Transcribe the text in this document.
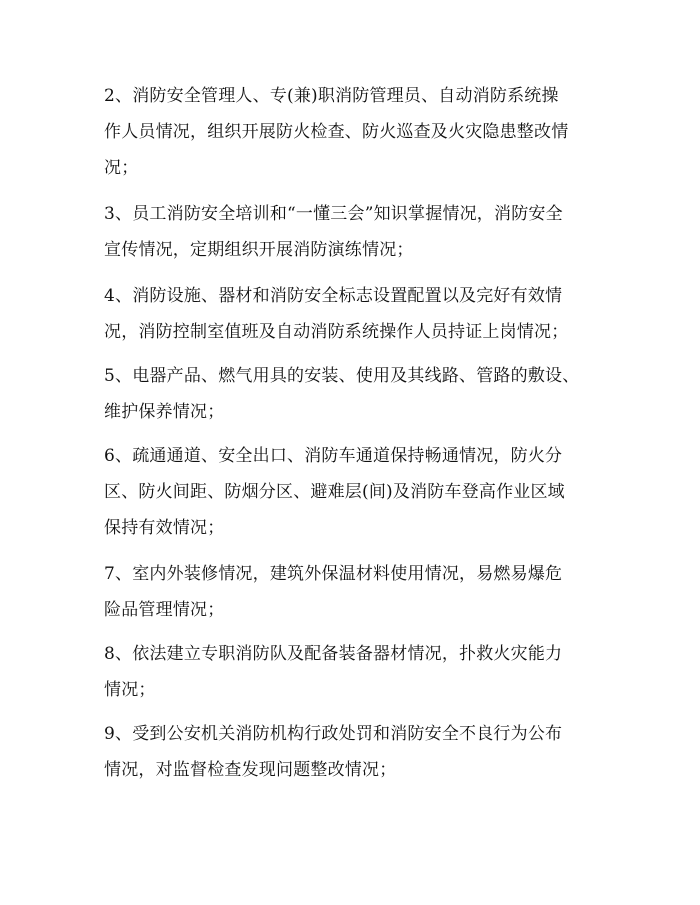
2、消防安全管理人、专(兼)职消防管理员、自动消防系统操
作人员情况，组织开展防火检查、防火巡查及火灾隐患整改情
况；
3、员工消防安全培训和“一懂三会”知识掌握情况，消防安全
宣传情况，定期组织开展消防演练情况；
4、消防设施、器材和消防安全标志设置配置以及完好有效情
况，消防控制室值班及自动消防系统操作人员持证上岗情况；
5、电器产品、燃气用具的安装、使用及其线路、管路的敷设、
维护保养情况；
6、疏通通道、安全出口、消防车通道保持畅通情况，防火分
区、防火间距、防烟分区、避难层(间)及消防车登高作业区域
保持有效情况；
7、室内外装修情况，建筑外保温材料使用情况，易燃易爆危
险品管理情况；
8、依法建立专职消防队及配备装备器材情况，扑救火灾能力
情况；
9、受到公安机关消防机构行政处罚和消防安全不良行为公布
情况，对监督检查发现问题整改情况；
